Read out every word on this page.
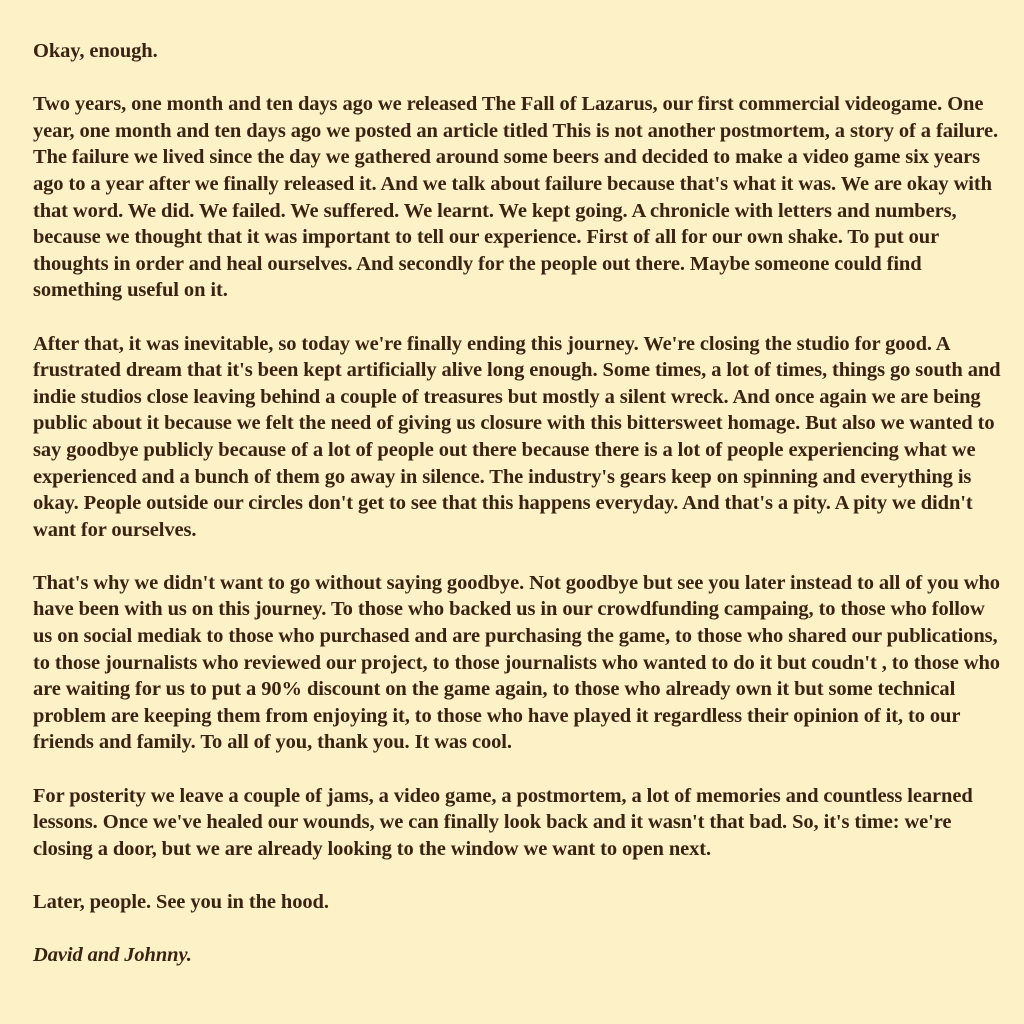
Okay, enough.

Two years, one month and ten days ago we released The Fall of Lazarus, our first commercial videogame. One year, one month and ten days ago we posted an article titled This is not another postmortem, a story of a failure. The failure we lived since the day we gathered around some beers and decided to make a video game six years ago to a year after we finally released it. And we talk about failure because that's what it was. We are okay with that word. We did. We failed. We suffered. We learnt. We kept going. A chronicle with letters and numbers, because we thought that it was important to tell our experience. First of all for our own shake. To put our thoughts in order and heal ourselves. And secondly for the people out there. Maybe someone could find something useful on it.

After that, it was inevitable, so today we're finally ending this journey. We're closing the studio for good. A frustrated dream that it's been kept artificially alive long enough. Some times, a lot of times, things go south and indie studios close leaving behind a couple of treasures but mostly a silent wreck. And once again we are being public about it because we felt the need of giving us closure with this bittersweet homage. But also we wanted to say goodbye publicly because of a lot of people out there because there is a lot of people experiencing what we experienced and a bunch of them go away in silence. The industry's gears keep on spinning and everything is okay. People outside our circles don't get to see that this happens everyday. And that's a pity. A pity we didn't want for ourselves.

That's why we didn't want to go without saying goodbye. Not goodbye but see you later instead to all of you who have been with us on this journey. To those who backed us in our crowdfunding campaing, to those who follow us on social mediak to those who purchased and are purchasing the game, to those who shared our publications, to those journalists who reviewed our project, to those journalists who wanted to do it but coudn't , to those who are waiting for us to put a 90% discount on the game again, to those who already own it but some technical problem are keeping them from enjoying it, to those who have played it regardless their opinion of it, to our friends and family. To all of you, thank you. It was cool.

For posterity we leave a couple of jams, a video game, a postmortem, a lot of memories and countless learned lessons. Once we've healed our wounds, we can finally look back and it wasn't that bad. So, it's time: we're closing a door, but we are already looking to the window we want to open next.

Later, people. See you in the hood.

David and Johnny.
